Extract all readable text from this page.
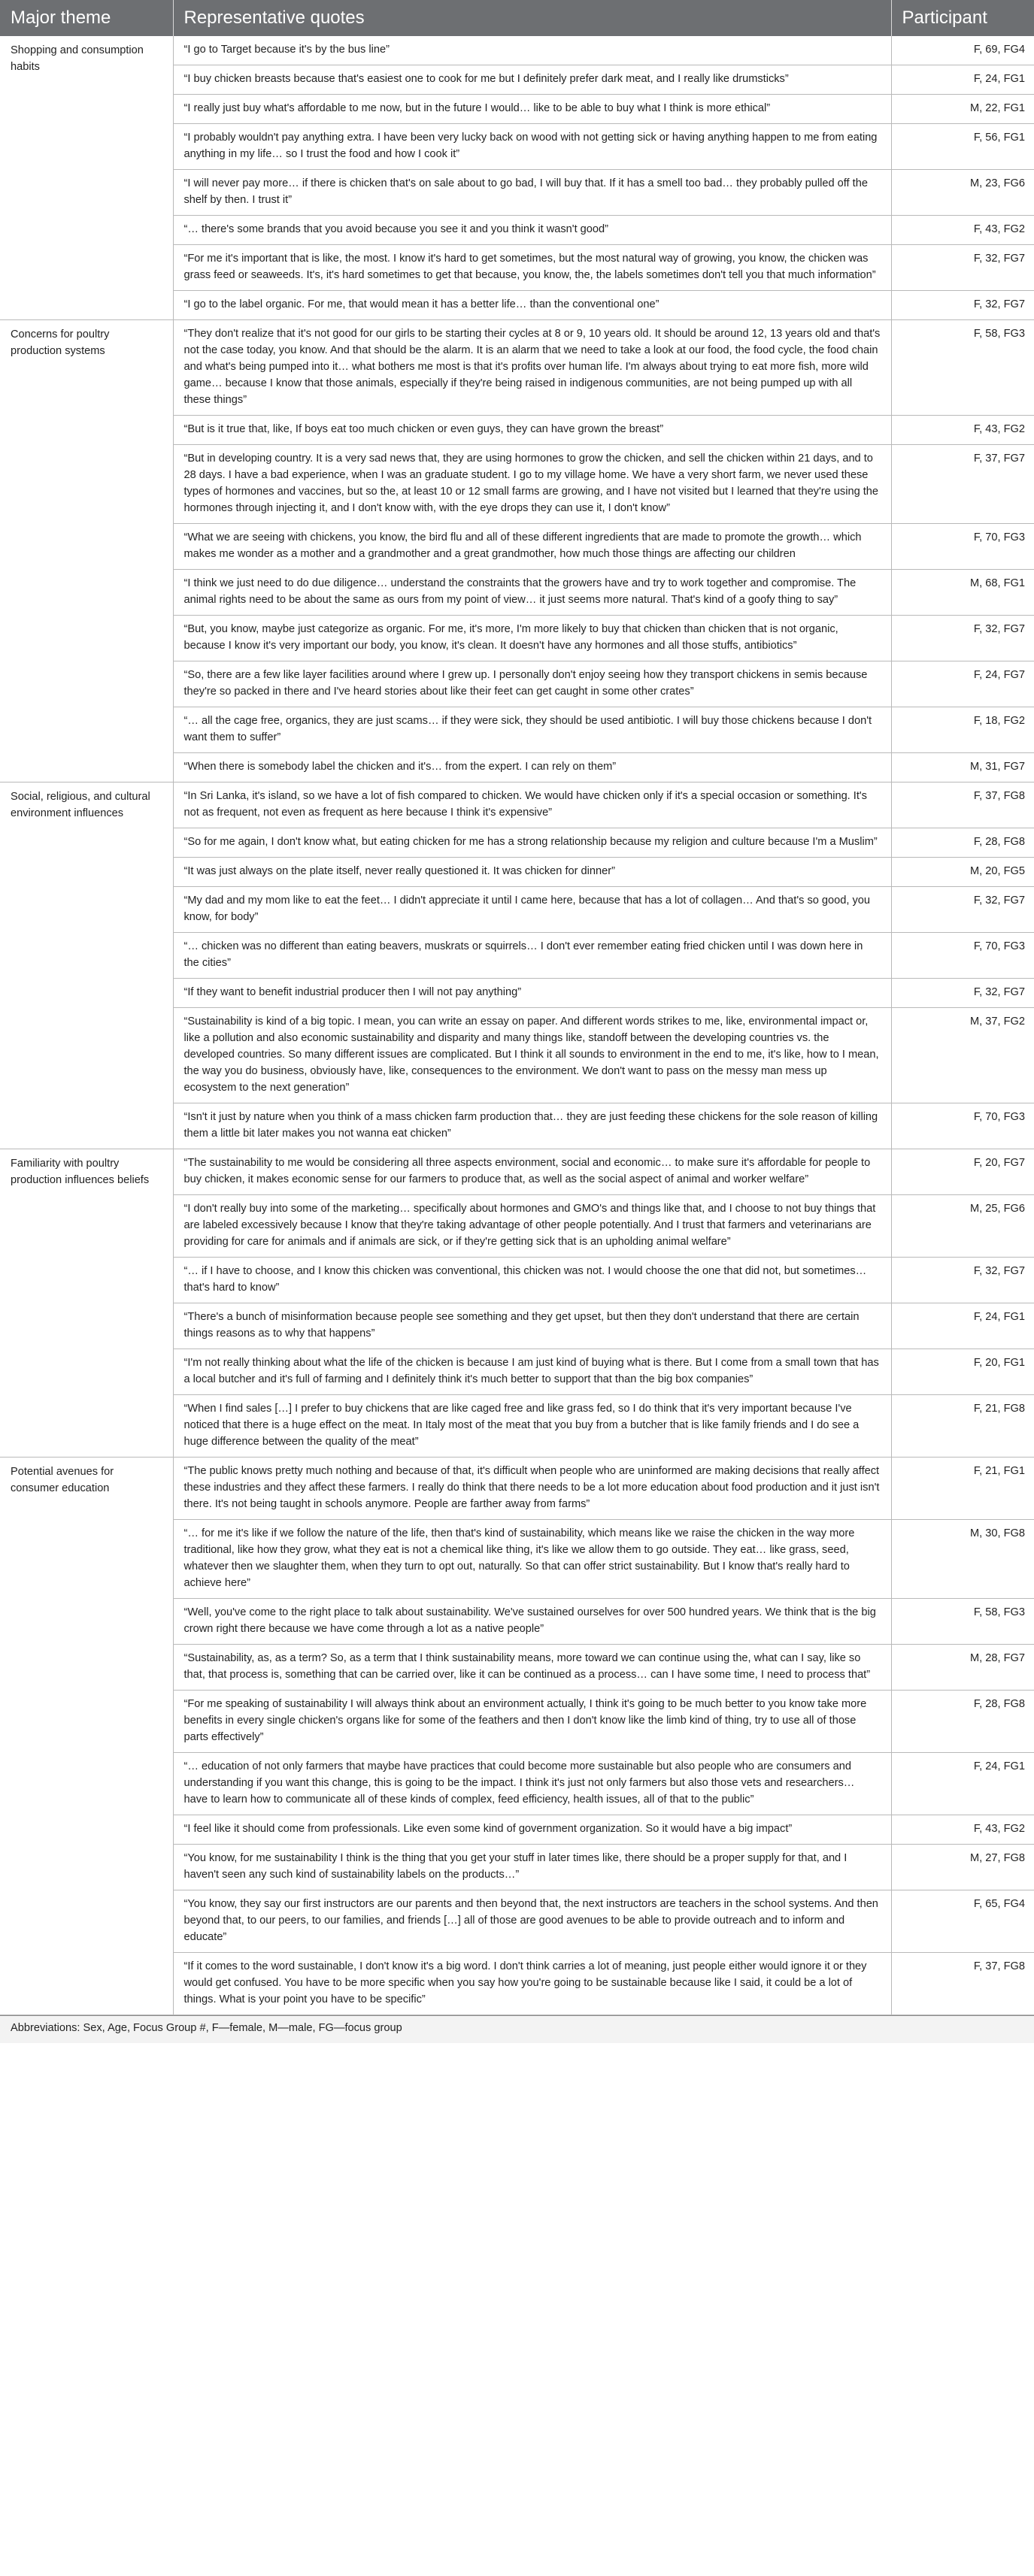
Major theme	Representative quotes	Participant
Shopping and consumption habits	“I go to Target because it's by the bus line”	F, 69, FG4
	“I buy chicken breasts because that's easiest one to cook for me but I definitely prefer dark meat, and I really like drumsticks”	F, 24, FG1
	“I really just buy what's affordable to me now, but in the future I would… like to be able to buy what I think is more ethical”	M, 22, FG1
	“I probably wouldn't pay anything extra. I have been very lucky back on wood with not getting sick or having anything happen to me from eating anything in my life… so I trust the food and how I cook it”	F, 56, FG1
	“I will never pay more… if there is chicken that's on sale about to go bad, I will buy that. If it has a smell too bad… they probably pulled off the shelf by then. I trust it”	M, 23, FG6
	“… there's some brands that you avoid because you see it and you think it wasn't good”	F, 43, FG2
	“For me it's important that is like, the most. I know it's hard to get sometimes, but the most natural way of growing, you know, the chicken was grass feed or seaweeds. It's, it's hard sometimes to get that because, you know, the, the labels sometimes don't tell you that much information”	F, 32, FG7
	“I go to the label organic. For me, that would mean it has a better life… than the conventional one”	F, 32, FG7
Concerns for poultry production systems	“They don't realize that it's not good for our girls to be starting their cycles at 8 or 9, 10 years old. It should be around 12, 13 years old and that's not the case today, you know. And that should be the alarm. It is an alarm that we need to take a look at our food, the food cycle, the food chain and what's being pumped into it… what bothers me most is that it's profits over human life. I'm always about trying to eat more fish, more wild game… because I know that those animals, especially if they're being raised in indigenous communities, are not being pumped up with all these things”	F, 58, FG3
	“But is it true that, like, If boys eat too much chicken or even guys, they can have grown the breast”	F, 43, FG2
	“But in developing country. It is a very sad news that, they are using hormones to grow the chicken, and sell the chicken within 21 days, and to 28 days. I have a bad experience, when I was an graduate student. I go to my village home. We have a very short farm, we never used these types of hormones and vaccines, but so the, at least 10 or 12 small farms are growing, and I have not visited but I learned that they're using the hormones through injecting it, and I don't know with, with the eye drops they can use it, I don't know”	F, 37, FG7
	“What we are seeing with chickens, you know, the bird flu and all of these different ingredients that are made to promote the growth… which makes me wonder as a mother and a grandmother and a great grandmother, how much those things are affecting our children	F, 70, FG3
	“I think we just need to do due diligence… understand the constraints that the growers have and try to work together and compromise. The animal rights need to be about the same as ours from my point of view… it just seems more natural. That's kind of a goofy thing to say”	M, 68, FG1
	“But, you know, maybe just categorize as organic. For me, it's more, I'm more likely to buy that chicken than chicken that is not organic, because I know it's very important our body, you know, it's clean. It doesn't have any hormones and all those stuffs, antibiotics”	F, 32, FG7
	“So, there are a few like layer facilities around where I grew up. I personally don't enjoy seeing how they transport chickens in semis because they're so packed in there and I've heard stories about like their feet can get caught in some other crates”	F, 24, FG7
	“… all the cage free, organics, they are just scams… if they were sick, they should be used antibiotic. I will buy those chickens because I don't want them to suffer”	F, 18, FG2
	“When there is somebody label the chicken and it's… from the expert. I can rely on them”	M, 31, FG7
Social, religious, and cultural environment influences	“In Sri Lanka, it's island, so we have a lot of fish compared to chicken. We would have chicken only if it's a special occasion or something. It's not as frequent, not even as frequent as here because I think it's expensive”	F, 37, FG8
	“So for me again, I don't know what, but eating chicken for me has a strong relationship because my religion and culture because I'm a Muslim”	F, 28, FG8
	“It was just always on the plate itself, never really questioned it. It was chicken for dinner”	M, 20, FG5
	“My dad and my mom like to eat the feet… I didn't appreciate it until I came here, because that has a lot of collagen… And that's so good, you know, for body”	F, 32, FG7
	“… chicken was no different than eating beavers, muskrats or squirrels… I don't ever remember eating fried chicken until I was down here in the cities”	F, 70, FG3
	“If they want to benefit industrial producer then I will not pay anything”	F, 32, FG7
	“Sustainability is kind of a big topic. I mean, you can write an essay on paper. And different words strikes to me, like, environmental impact or, like a pollution and also economic sustainability and disparity and many things like, standoff between the developing countries vs. the developed countries. So many different issues are complicated. But I think it all sounds to environment in the end to me, it's like, how to I mean, the way you do business, obviously have, like, consequences to the environment. We don't want to pass on the messy man mess up ecosystem to the next generation”	M, 37, FG2
	“Isn't it just by nature when you think of a mass chicken farm production that… they are just feeding these chickens for the sole reason of killing them a little bit later makes you not wanna eat chicken”	F, 70, FG3
Familiarity with poultry production influences beliefs	“The sustainability to me would be considering all three aspects environment, social and economic… to make sure it's affordable for people to buy chicken, it makes economic sense for our farmers to produce that, as well as the social aspect of animal and worker welfare”	F, 20, FG7
	“I don't really buy into some of the marketing… specifically about hormones and GMO's and things like that, and I choose to not buy things that are labeled excessively because I know that they're taking advantage of other people potentially. And I trust that farmers and veterinarians are providing for care for animals and if animals are sick, or if they're getting sick that is an upholding animal welfare”	M, 25, FG6
	“… if I have to choose, and I know this chicken was conventional, this chicken was not. I would choose the one that did not, but sometimes… that's hard to know”	F, 32, FG7
	“There's a bunch of misinformation because people see something and they get upset, but then they don't understand that there are certain things reasons as to why that happens”	F, 24, FG1
	“I'm not really thinking about what the life of the chicken is because I am just kind of buying what is there. But I come from a small town that has a local butcher and it's full of farming and I definitely think it's much better to support that than the big box companies”	F, 20, FG1
	“When I find sales […] I prefer to buy chickens that are like caged free and like grass fed, so I do think that it's very important because I've noticed that there is a huge effect on the meat. In Italy most of the meat that you buy from a butcher that is like family friends and I do see a huge difference between the quality of the meat”	F, 21, FG8
Potential avenues for consumer education	“The public knows pretty much nothing and because of that, it's difficult when people who are uninformed are making decisions that really affect these industries and they affect these farmers. I really do think that there needs to be a lot more education about food production and it just isn't there. It's not being taught in schools anymore. People are farther away from farms”	F, 21, FG1
	“… for me it's like if we follow the nature of the life, then that's kind of sustainability, which means like we raise the chicken in the way more traditional, like how they grow, what they eat is not a chemical like thing, it's like we allow them to go outside. They eat… like grass, seed, whatever then we slaughter them, when they turn to opt out, naturally. So that can offer strict sustainability. But I know that's really hard to achieve here”	M, 30, FG8
	“Well, you've come to the right place to talk about sustainability. We've sustained ourselves for over 500 hundred years. We think that is the big crown right there because we have come through a lot as a native people”	F, 58, FG3
	“Sustainability, as, as a term? So, as a term that I think sustainability means, more toward we can continue using the, what can I say, like so that, that process is, something that can be carried over, like it can be continued as a process… can I have some time, I need to process that”	M, 28, FG7
	“For me speaking of sustainability I will always think about an environment actually, I think it's going to be much better to you know take more benefits in every single chicken's organs like for some of the feathers and then I don't know like the limb kind of thing, try to use all of those parts effectively”	F, 28, FG8
	“… education of not only farmers that maybe have practices that could become more sustainable but also people who are consumers and understanding if you want this change, this is going to be the impact. I think it's just not only farmers but also those vets and researchers… have to learn how to communicate all of these kinds of complex, feed efficiency, health issues, all of that to the public”	F, 24, FG1
	“I feel like it should come from professionals. Like even some kind of government organization. So it would have a big impact”	F, 43, FG2
	“You know, for me sustainability I think is the thing that you get your stuff in later times like, there should be a proper supply for that, and I haven't seen any such kind of sustainability labels on the products…”	M, 27, FG8
	“You know, they say our first instructors are our parents and then beyond that, the next instructors are teachers in the school systems. And then beyond that, to our peers, to our families, and friends […] all of those are good avenues to be able to provide outreach and to inform and educate”	F, 65, FG4
	“If it comes to the word sustainable, I don't know it's a big word. I don't think carries a lot of meaning, just people either would ignore it or they would get confused. You have to be more specific when you say how you're going to be sustainable because like I said, it could be a lot of things. What is your point you have to be specific”	F, 37, FG8
Abbreviations: Sex, Age, Focus Group #, F—female, M—male, FG—focus group
